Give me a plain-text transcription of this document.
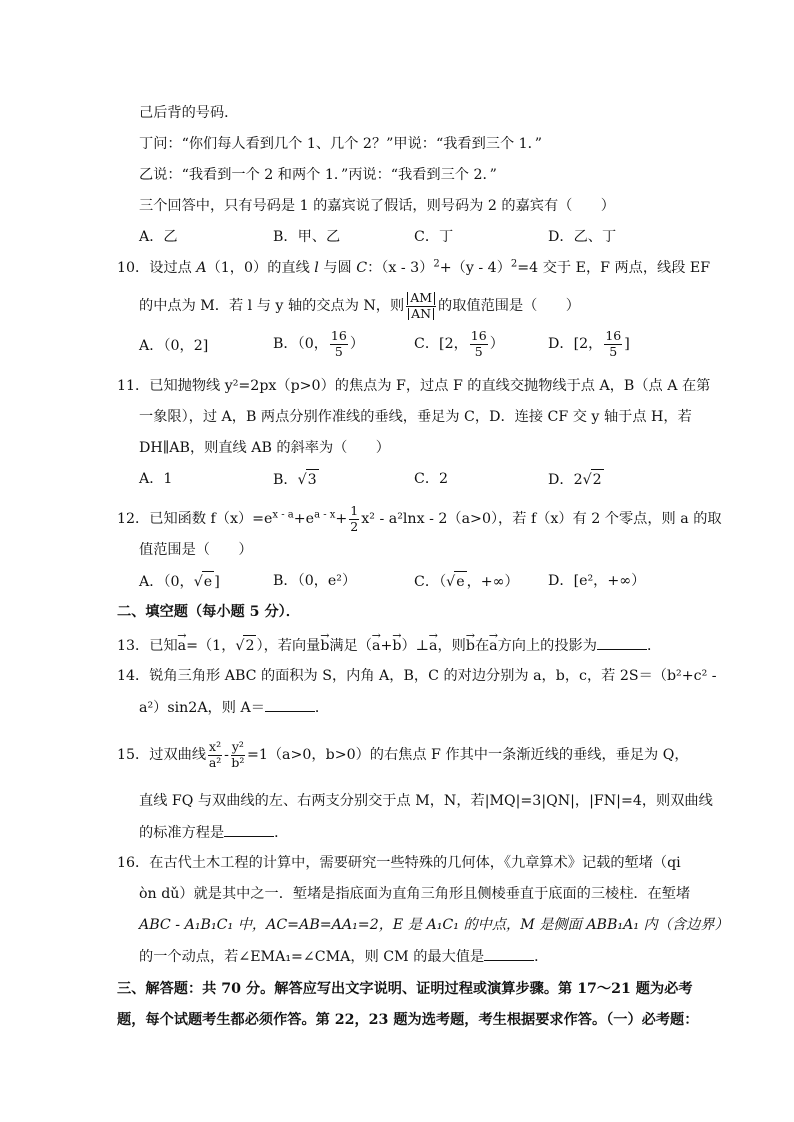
己后背的号码．
丁问：“你们每人看到几个 1、几个 2？”甲说：“我看到三个 1．”
乙说：“我看到一个 2 和两个 1．”丙说：“我看到三个 2．”
三个回答中，只有号码是 1 的嘉宾说了假话，则号码为 2 的嘉宾有（　　）
A．乙	B．甲、乙	C．丁	D．乙、丁
10．设过点 A（1，0）的直线 l 与圆 C：（x - 3）$^2$+（y - 4）$^2$=4 交于 E，F 两点，线段 EF
的中点为 M．若 l 与 y 轴的交点为 N，则 $\frac{AM}{AN}$ 的取值范围是（　　）
A．（0，2]	B．（0， $\frac{16}{5}$ ）	C．[2， $\frac{16}{5}$ ）	D．[2， $\frac{16}{5}$ ]
11．已知抛物线 y²=2px（p>0）的焦点为 F，过点 F 的直线交抛物线于点 A，B（点 A 在第
一象限），过 A，B 两点分别作准线的垂线，垂足为 C，D．连接 CF 交 y 轴于点 H，若
DH∥AB，则直线 AB 的斜率为（　　）
A．1	B．√3	C．2	D．2√2
12．已知函数 $f(x)=e^{x - a}+e^{a - x}+ \frac{1}{2} x^2 - a^2\ln x - 2(a>0)$，若 f（x）有 2 个零点，则 a 的取
值范围是（　　）
A．（0，√e ]	B．（0，e²）	C．（√e ，+∞） D．[e²，+∞）
二、填空题（每小题 5 分）．
13．已知→ a=（1，√2 ），若向量→ b满足（→ a+→ b）⊥→ a，则→ b在→ a方向上的投影为	．
14．锐角三角形 ABC 的面积为 S，内角 A，B，C 的对边分别为 a，b，c，若 2S＝（b²+c² -
a²）sin2A，则 A＝	．
15．过双曲线 $\frac{\text{x²}}{\text{a²}} - \frac{\text{y²}}{\text{b²}} =1(a>0$，b>0）的右焦点 F 作其中一条渐近线的垂线，垂足为 Q，
直线 FQ 与双曲线的左、右两支分别交于点 M，N，若|MQ|=3|QN|，|FN|=4，则双曲线
的标准方程是	．
16．在古代土木工程的计算中，需要研究一些特殊的几何体，《九章算术》记载的堑堵（qi
òn dǔ）就是其中之一．堑堵是指底面为直角三角形且侧棱垂直于底面的三棱柱．在堑堵
ABC - A₁B₁C₁ 中，AC=AB=AA₁=2，E 是 A₁C₁ 的中点，M 是侧面 ABB₁A₁ 内（含边界）
的一个动点，若∠EMA₁=∠CMA，则 CM 的最大值是	．
三、解答题：共 70 分。解答应写出文字说明、证明过程或演算步骤。第 17～21 题为必考
题，每个试题考生都必须作答。第 22，23 题为选考题，考生根据要求作答。（一）必考题：
